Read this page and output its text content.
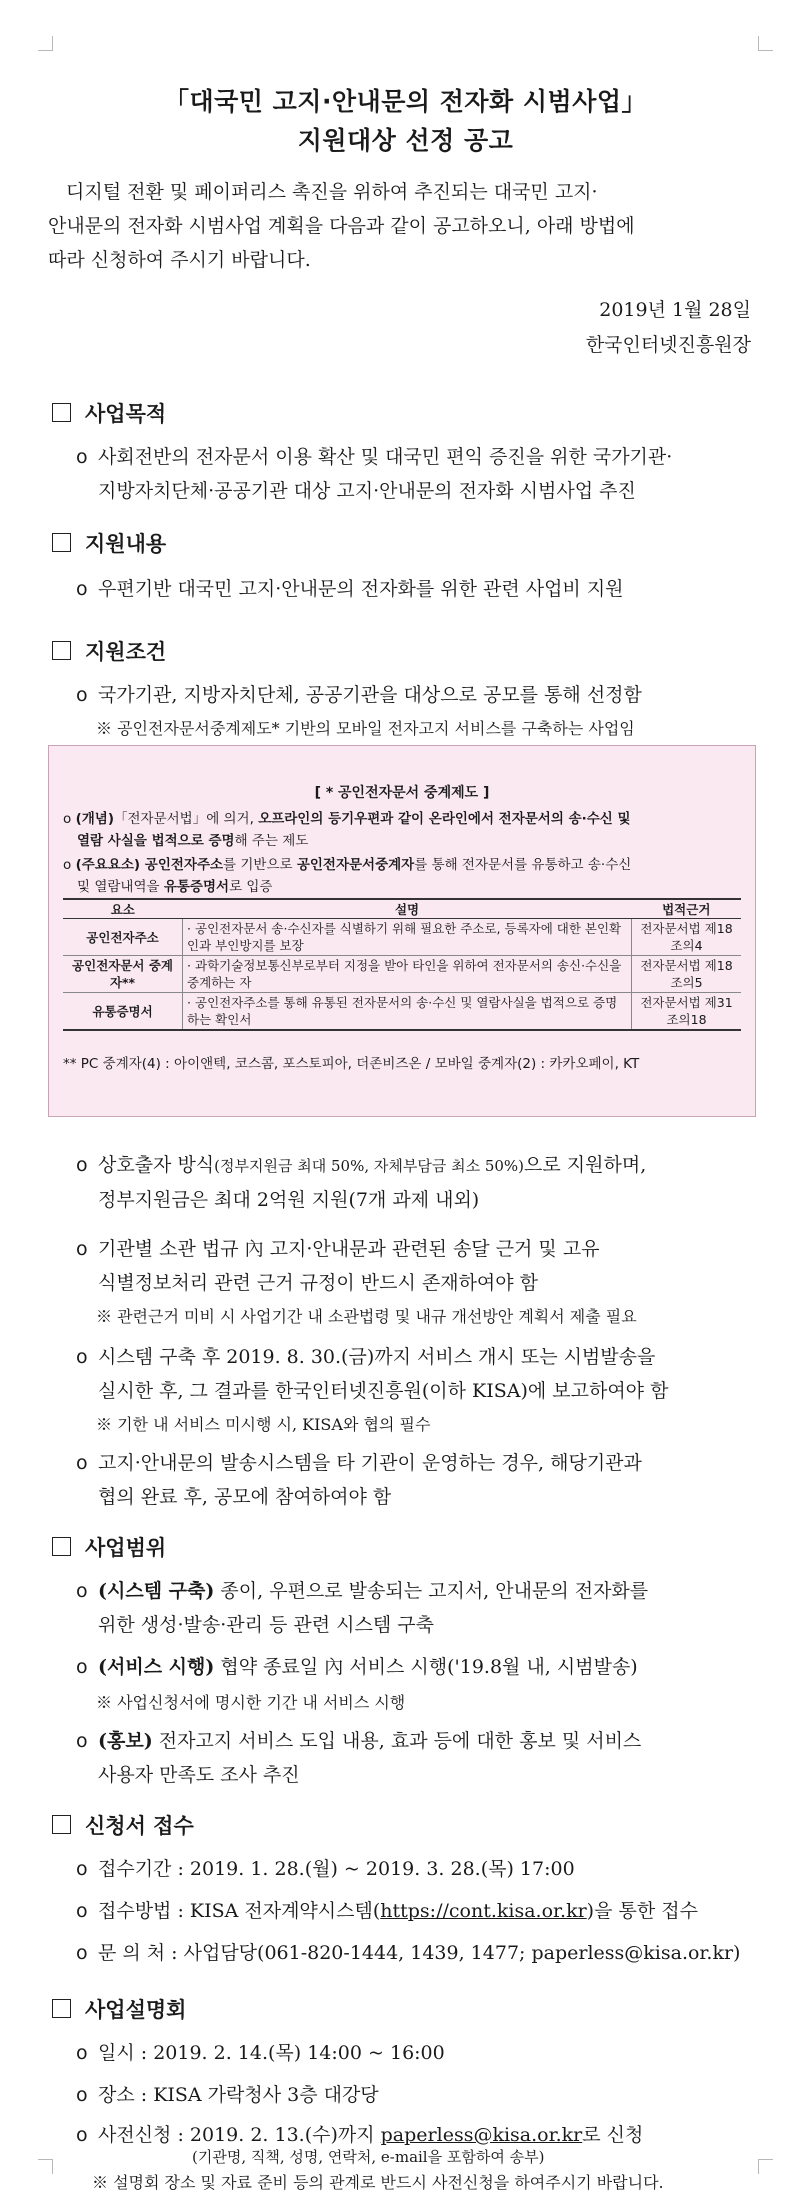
「대국민 고지·안내문의 전자화 시범사업」
지원대상 선정 공고
디지털 전환 및 페이퍼리스 촉진을 위하여 추진되는 대국민 고지·
안내문의 전자화 시범사업 계획을 다음과 같이 공고하오니, 아래 방법에
따라 신청하여 주시기 바랍니다.
2019년 1월 28일
한국인터넷진흥원장
사업목적
o 사회전반의 전자문서 이용 확산 및 대국민 편익 증진을 위한 국가기관·
지방자치단체·공공기관 대상 고지·안내문의 전자화 시범사업 추진
지원내용
o 우편기반 대국민 고지·안내문의 전자화를 위한 관련 사업비 지원
지원조건
o 국가기관, 지방자치단체, 공공기관을 대상으로 공모를 통해 선정함
※ 공인전자문서중계제도* 기반의 모바일 전자고지 서비스를 구축하는 사업임
[ * 공인전자문서 중계제도 ]
o (개념)「전자문서법」에 의거, 오프라인의 등기우편과 같이 온라인에서 전자문서의 송·수신 및
열람 사실을 법적으로 증명해 주는 제도
o (주요요소) 공인전자주소를 기반으로 공인전자문서중계자를 통해 전자문서를 유통하고 송·수신
및 열람내역을 유통증명서로 입증
요소	설명	법적근거
공인전자주소	· 공인전자문서 송·수신자를 식별하기 위해 필요한 주소로, 등록자에 대한 본인확인과 부인방지를 보장	전자문서법 제18조의4
공인전자문서 중계자**	· 과학기술정보통신부로부터 지정을 받아 타인을 위하여 전자문서의 송신·수신을 중계하는 자	전자문서법 제18조의5
유통증명서	· 공인전자주소를 통해 유통된 전자문서의 송·수신 및 열람사실을 법적으로 증명하는 확인서	전자문서법 제31조의18
** PC 중계자(4) : 아이앤텍, 코스콤, 포스토피아, 더존비즈온 / 모바일 중계자(2) : 카카오페이, KT
o 상호출자 방식(정부지원금 최대 50%, 자체부담금 최소 50%)으로 지원하며,
정부지원금은 최대 2억원 지원(7개 과제 내외)
o 기관별 소관 법규 內 고지·안내문과 관련된 송달 근거 및 고유
식별정보처리 관련 근거 규정이 반드시 존재하여야 함
※ 관련근거 미비 시 사업기간 내 소관법령 및 내규 개선방안 계획서 제출 필요
o 시스템 구축 후 2019. 8. 30.(금)까지 서비스 개시 또는 시범발송을
실시한 후, 그 결과를 한국인터넷진흥원(이하 KISA)에 보고하여야 함
※ 기한 내 서비스 미시행 시, KISA와 협의 필수
o 고지·안내문의 발송시스템을 타 기관이 운영하는 경우, 해당기관과
협의 완료 후, 공모에 참여하여야 함
사업범위
o (시스템 구축) 종이, 우편으로 발송되는 고지서, 안내문의 전자화를
위한 생성·발송·관리 등 관련 시스템 구축
o (서비스 시행) 협약 종료일 內 서비스 시행('19.8월 내, 시범발송)
※ 사업신청서에 명시한 기간 내 서비스 시행
o (홍보) 전자고지 서비스 도입 내용, 효과 등에 대한 홍보 및 서비스
사용자 만족도 조사 추진
신청서 접수
o 접수기간 : 2019. 1. 28.(월) ~ 2019. 3. 28.(목) 17:00
o 접수방법 : KISA 전자계약시스템(https://cont.kisa.or.kr)을 통한 접수
o 문 의 처 : 사업담당(061-820-1444, 1439, 1477; paperless@kisa.or.kr)
사업설명회
o 일시 : 2019. 2. 14.(목) 14:00 ~ 16:00
o 장소 : KISA 가락청사 3층 대강당
o 사전신청 : 2019. 2. 13.(수)까지 paperless@kisa.or.kr로 신청
(기관명, 직책, 성명, 연락처, e-mail을 포함하여 송부)
※ 설명회 장소 및 자료 준비 등의 관계로 반드시 사전신청을 하여주시기 바랍니다.
